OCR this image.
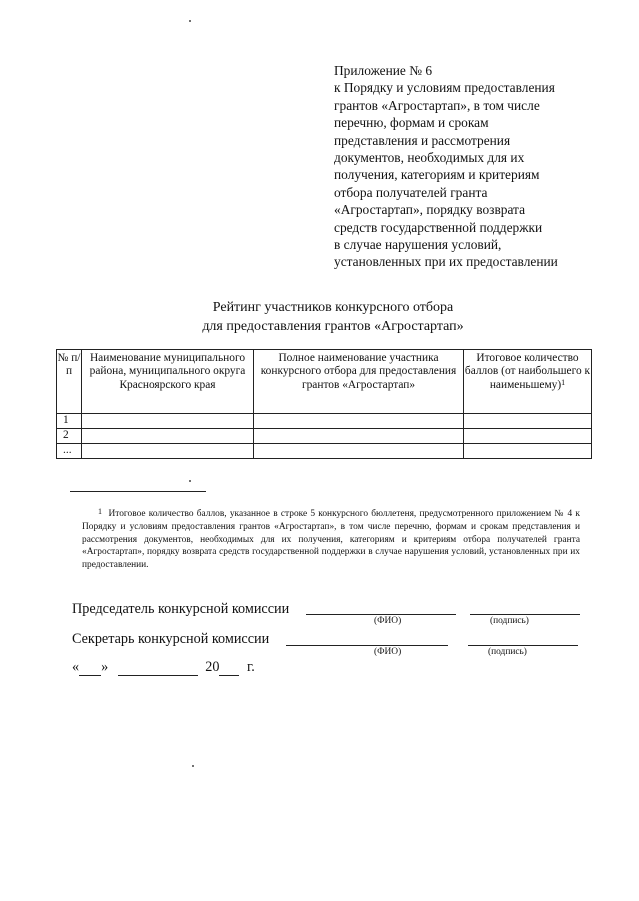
Приложение № 6
к Порядку и условиям предоставления
грантов «Агростартап», в том числе
перечню, формам и срокам
представления и рассмотрения
документов, необходимых для их
получения, категориям и критериям
отбора получателей гранта
«Агростартап», порядку возврата
средств государственной поддержки
в случае нарушения условий,
установленных при их предоставлении
Рейтинг участников конкурсного отбора
для предоставления грантов «Агростартап»
№ п/п	Наименование муниципального района, муниципального округа Красноярского края	Полное наименование участника конкурсного отбора для предоставления грантов «Агростартап»	Итоговое количество баллов (от наибольшего к наименьшему)$^1$
1			
2			
...			
$^1$ Итоговое количество баллов, указанное в строке 5 конкурсного бюллетеня, предусмотренного приложением № 4 к Порядку и условиям предоставления грантов «Агростартап», в том числе перечню, формам и срокам представления и рассмотрения документов, необходимых для их получения, категориям и критериям отбора получателей гранта «Агростартап», порядку возврата средств государственной поддержки в случае нарушения условий, установленных при их предоставлении.
Председатель конкурсной комиссии
(ФИО)	(подпись)
Секретарь конкурсной комиссии
(ФИО)	(подпись)
« »	20 г.
